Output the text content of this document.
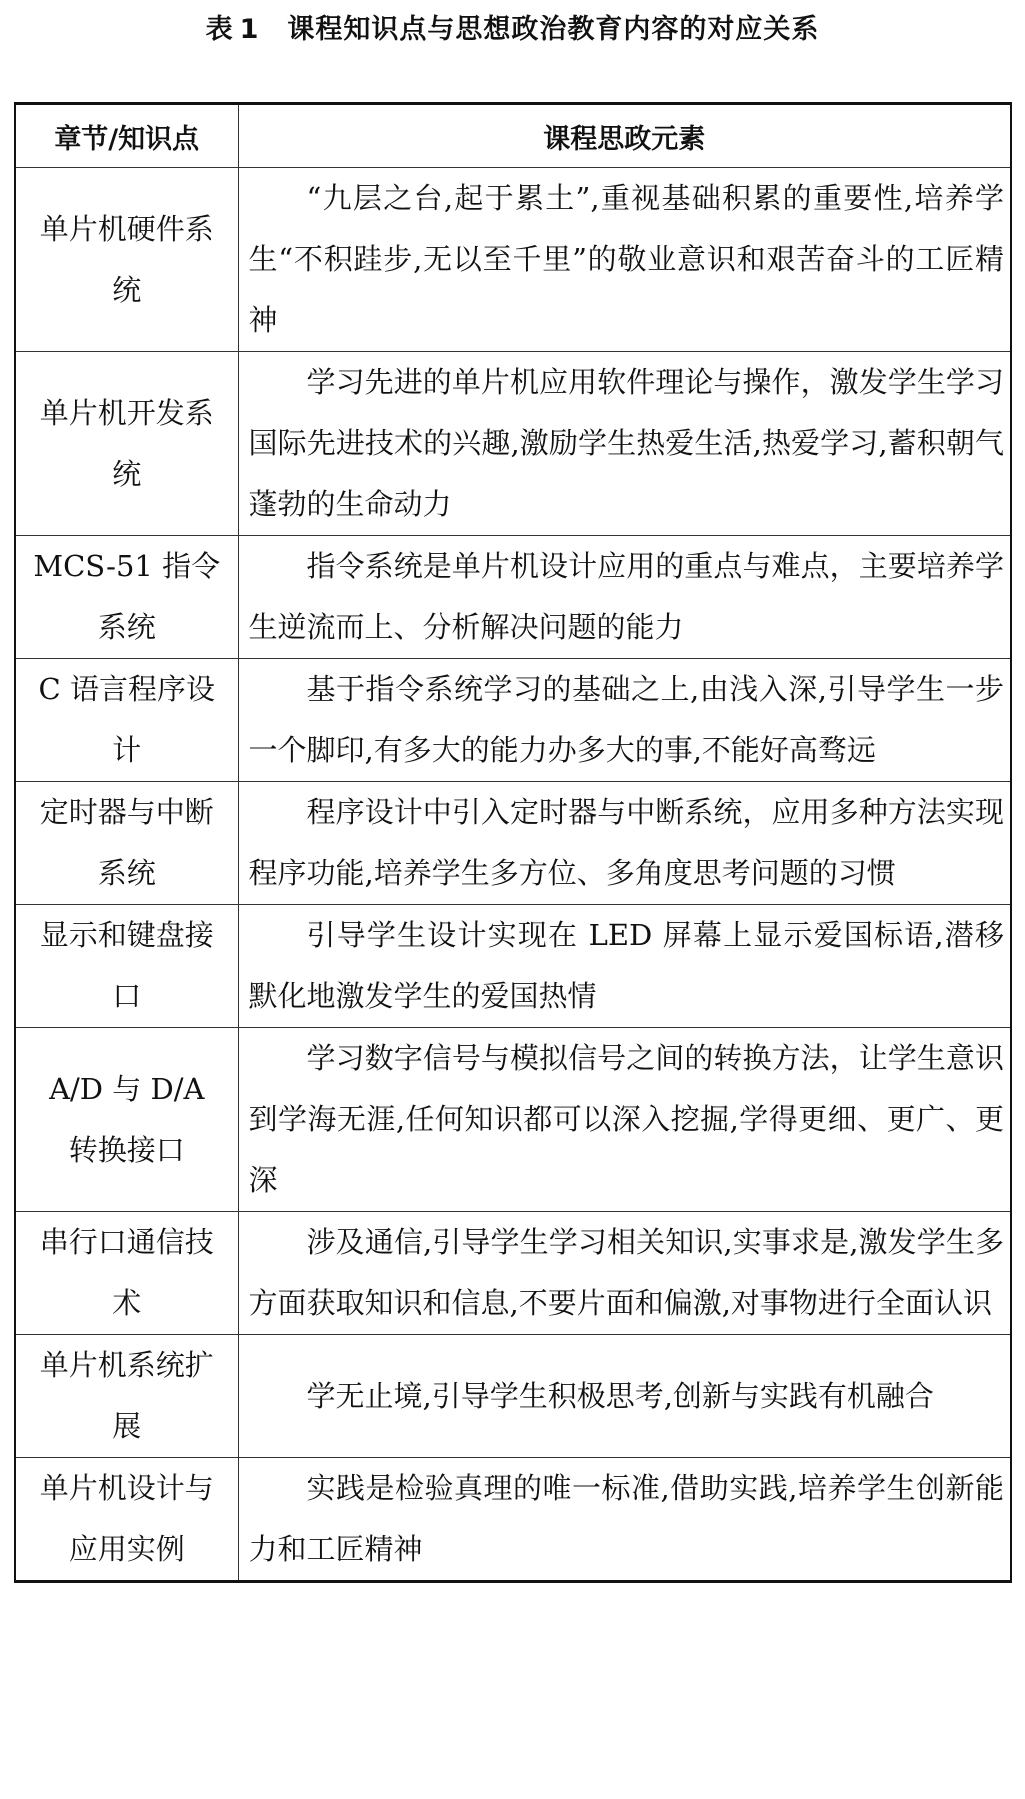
表 1 课程知识点与思想政治教育内容的对应关系
章节/知识点	课程思政元素
单片机硬件系统	“九层之台,起于累土”,重视基础积累的重要性,培养学生“不积跬步,无以至千里”的敬业意识和艰苦奋斗的工匠精神
单片机开发系统	学习先进的单片机应用软件理论与操作，激发学生学习国际先进技术的兴趣,激励学生热爱生活,热爱学习,蓄积朝气蓬勃的生命动力
MCS-51 指令系统	指令系统是单片机设计应用的重点与难点，主要培养学生逆流而上、分析解决问题的能力
C 语言程序设计	基于指令系统学习的基础之上,由浅入深,引导学生一步一个脚印,有多大的能力办多大的事,不能好高骛远
定时器与中断系统	程序设计中引入定时器与中断系统，应用多种方法实现程序功能,培养学生多方位、多角度思考问题的习惯
显示和键盘接口	引导学生设计实现在 LED 屏幕上显示爱国标语,潜移默化地激发学生的爱国热情
A/D 与 D/A 转换接口	学习数字信号与模拟信号之间的转换方法，让学生意识到学海无涯,任何知识都可以深入挖掘,学得更细、更广、更深
串行口通信技术	涉及通信,引导学生学习相关知识,实事求是,激发学生多方面获取知识和信息,不要片面和偏激,对事物进行全面认识
单片机系统扩展	学无止境,引导学生积极思考,创新与实践有机融合
单片机设计与应用实例	实践是检验真理的唯一标准,借助实践,培养学生创新能力和工匠精神
